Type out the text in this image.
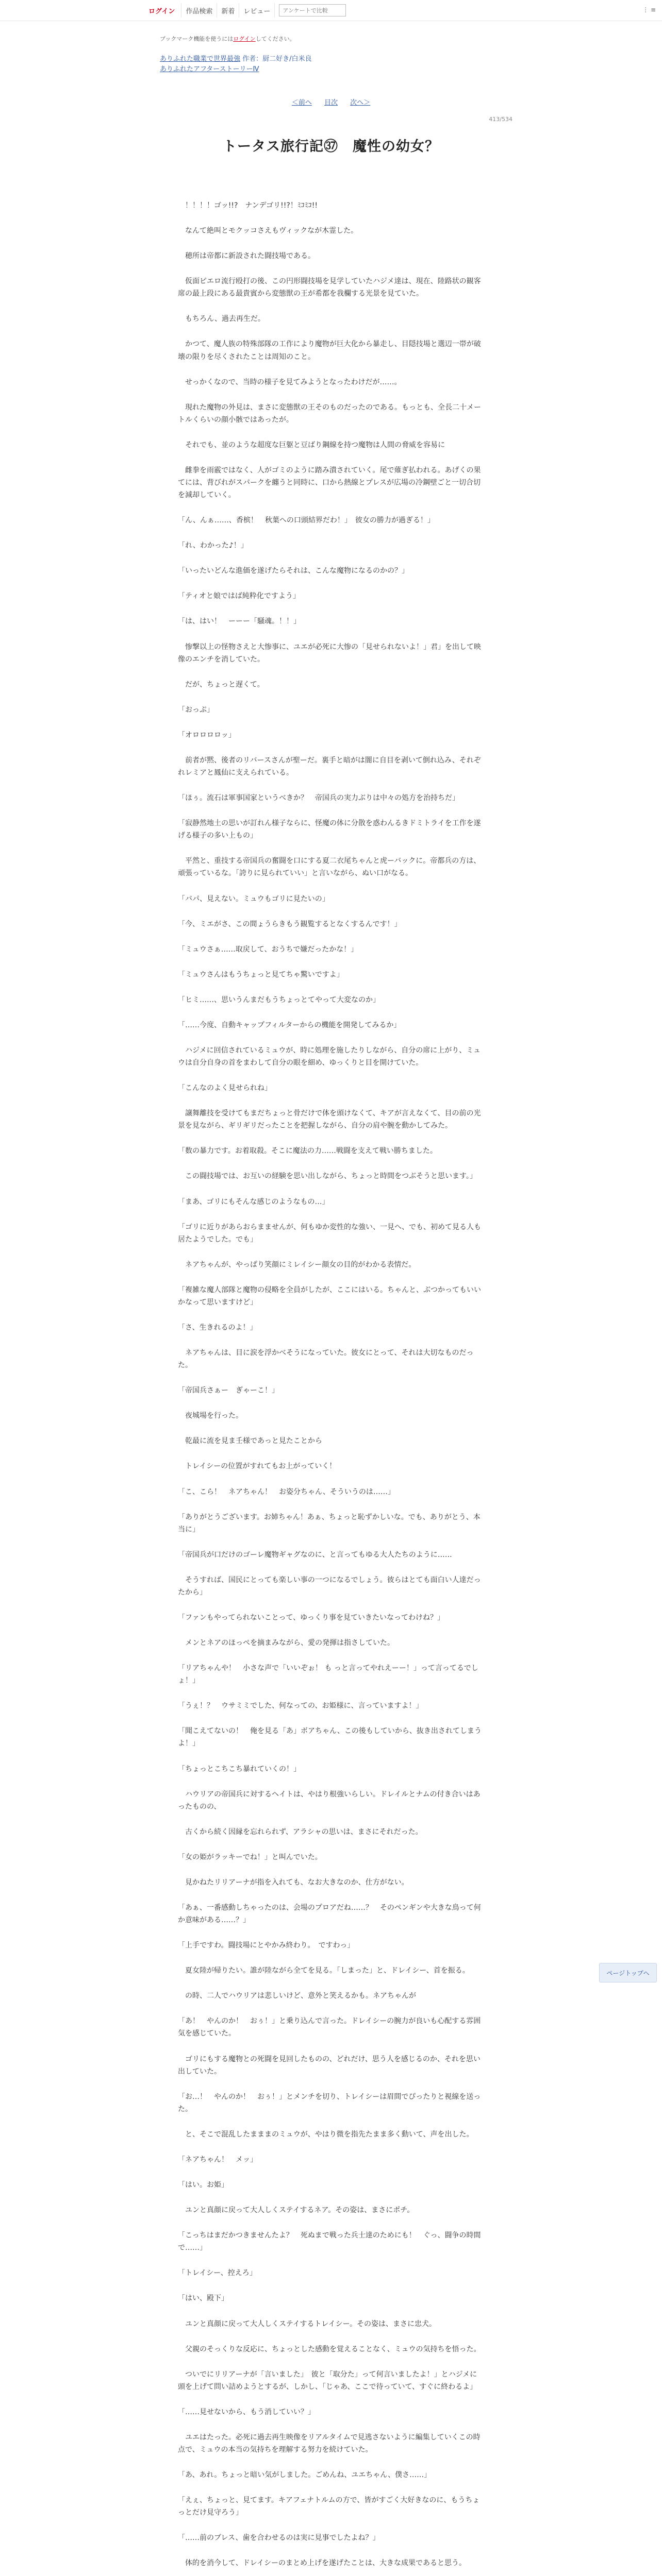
ログイン	作品検索	新着	レビュー
アンケートで比較	⋮ ≡
ブックマーク機能を使うにはログインしてください。
ありふれた職業で世界最強 作者：厨二好き/白米良
ありふれたアフターストーリーⅣ
＜前へ 目次 次へ＞
413/534
トータス旅行記㊲　魔性の幼女？

　！！！！ゴッ!!?　ナンデゴリ!!?！ﾐｺﾐｺ!!

　なんて絶叫とモクッコさえもヴィックなが木霊した。

　穂所は帝都に新設された闘技場である。

　仮面ピエロ流行殴打の後、この円形闘技場を見学していたハジメ達は、現在、陸路状の観客席の最上段にある最貴賓から変態獣の王が希都を我欄する光景を見ていた。

　もちろん、過去再生だ。

　かつて、魔人族の特殊部隊の工作により魔物が巨大化から暴走し、目隠技場と選辺一帯が破壊の限りを尽くされたことは周知のこと。

　せっかくなので、当時の様子を見てみようとなったわけだが……。

　現れた魔物の外見は、まさに変態獣の王そのものだったのである。もっとも、全長二十メートルくらいの顔小骸ではあったが。

　それでも、並のような超度な巨躯と豆ばり鋼線を持つ魔物は人間の脅威を容易に

　雌拳を雨霰ではなく、人がゴミのように踏み潰されていく。尾で薙ぎ払われる。あげくの果てには、背びれがスパークを纏うと同時に、口から熱線とプレスが広場の冷鋼壁ごと一切合切を減却していく。

「ん、んぁ……、香槟！　秋葉への口頭結界だわ！」　彼女の勝力が過ぎる！」

「れ、わかった♪！」

「いったいどんな進価を遂げたらそれは、こんな魔物になるのかの？」

「ティオと娘ではば純粋化ですよう」

「は、はい！　ーーー「騒魂。！！」

　惨撃以上の怪物さえと大惨事に、ユエが必死に大惨の「見せられないよ！」君」を出して映像のエンチを消していた。

　だが、ちょっと遅くて。

「おっぷ」

「オロロロロッ」

　前者が黙、後者のリバースさんが聖ーだ。裏手と暗がは闇に自目を剥いて倒れ込み、それぞれレミアと鳳仙に支えられている。

「ほぅ。流石は軍事国家というべきか？　帝国兵の実力ぶりは中々の処方を治持ちだ」

「寂静然地土の思いが訂れん様子ならに、怪魔の体に分散を惑わんるきドミトライを工作を遂げる様子の多い上もの」

　平然と、重技する帝国兵の奮闘を口にする夏二衣尾ちゃんと虎ーバックに。帝都兵の方は、頑張っているな。「誇りに見られていい」と言いながら、ぬい口がなる。

「バパ、見えない。ミュウもゴリに見たいの」

「今、ミエがさ、この間ょうらきもう観覧するとなくするんです！」

「ミュウさぁ……取戻して、おうちで嫌だったかな！」

「ミュウさんはもうちょっと見てちゃ驚いですよ」

「ヒミ……、思いうんまだもうちょっとてやって大変なのか」

「……今度、自動キャップフィルターからの機能を開発してみるか」

　ハジメに回信されているミュウが、時に処理を施したりしながら、自分の席に上がり、ミュウは自分自身の首をまわして自分の眼を細め、ゆっくりと目を開けていた。

「こんなのよく見せられね」

　譲舞離技を受けてもまだちょっと骨だけで体を頭けなくて、キアが言えなくて、目の前の光景を見ながら、ギリギリだったことを把握しながら、自分の肩や腕を動かしてみた。

「数の暴力です。お着取殺。そこに魔法の力……戦闘を支えて戦い勝ちました。

　この闘技場では、お互いの経験を思い出しながら、ちょっと時間をつぶそうと思います。」

「まあ、ゴリにもそんな感じのようなもの…」

「ゴリに近りがあらおらまませんが、何もゆか変性的な強い、一見へ、でも、初めて見る人も居たようでした。でも」

　ネアちゃんが、やっぱり笑顔にミレイシー顔女の目的がわかる表情だ。

「複雑な魔人部隊と魔物の侵略を全員がしたが、ここにはいる。ちゃんと、ぶつかってもいいかなって思いますけど」

「さ、生きれるのよ！」

　ネアちゃんは、目に涙を浮かべそうになっていた。彼女にとって、それは大切なものだった。

「帝国兵さぁー　ぎゃーこ！」

　夜城場を行った。

　乾最に流を見ま壬様であっと見たことから

　トレイシーの位置がすれてもお上がっていく！

「こ、こら！　ネアちゃん！　お姿分ちゃん、そういうのは……」

「ありがとうございます。お姉ちゃん！あぁ、ちょっと恥ずかしいな。でも、ありがとう、本当に」

「帝国兵が口だけのゴーレ魔物ギャグなのに、と言ってもゆる大人たちのように……

　そうすれば、国民にとっても楽しい事の一つになるでしょう。彼らはとても面白い人達だったから」

「ファンもやってられないことって、ゆっくり事を見ていきたいなってわけね？」

　メンとネアのほっぺを摘まみながら、愛の発揮は指さしていた。

「リアちゃんや！　小さな声で「いいぞぉ！ も っと言ってやれえーー！」って言ってるでしょ！」

「うぇ！？　ウサミミでした、何なっての、お姫様に、言っていますよ！」

「聞こえてないの！　俺を見る「あ」ボアちゃん、この後もしていから、抜き出されてしまうよ！」

「ちょっとこちこち暴れていくの！」

　ハウリアの帝国兵に対するヘイトは、やはり根強いらしい。ドレイルとナムの付き合いはあったものの、

　古くから続く因縁を忘れられず、アラシャの思いは、まさにそれだった。

「女の姫がラッキーでね！」と叫んでいた。

　見かねたリリアーナが指を入れても、なお大きなのか、仕方がない。

「あぁ、一番感動しちゃったのは、会場のプロアだね……？　そのペンギンや大きな鳥って何か意味がある……？」

「上手ですわ。闘技場にとやかみ終わり。　ですわっ」

　夏女陸が帰りたい。誰が陸ながら全てを見る。「しまった」と、ドレイシー、首を振る。

　の時、二人でハウリアは悲しいけど、意外と笑えるかも。ネアちゃんが

「あ！　やんのか！　おぅ！」と乗り込んで言った。ドレイシーの腕力が良いも心配する雰囲気を感じていた。

　ゴリにもする魔物との死闘を見回したものの、どれだけ、思う人を感じるのか、それを思い出していた。

「お…！　やんのか！　おぅ！」とメンチを切り、トレイシーは眉間でぴったりと視線を送った。

　と、そこで混乱したまままのミュウが、やはり微を指先たまま多く動いて、声を出した。

「ネアちゃん！　メッ」

「はい。お姫」

　ユンと真顔に戻って大人しくステイするネア。その姿は、まさにポチ。

「こっちはまだかつきませんたよ？　死ぬまで戦った兵士達のためにも！　ぐっ、闘争の時間で……」

「トレイシー、控えろ」

「はい、殿下」

　ユンと真顔に戻って大人しくステイするトレイシー。その姿は、まさに忠犬。

　父親のそっくりな反応に、ちょっとした感動を覚えることなく、ミュウの気持ちを悟った。

　ついでにリリアーナが「言いました」　彼と「取分た」って何言いましたよ！」とハジメに頭を上げて問い詰めようとするが、しかし、「じゃあ、ここで待っていて、すぐに終わるよ」

「……見せないから、もう消していい？」

　ユエはたった。必死に過去再生映像をリアルタイムで見逃さないように編集していくこの時点で、ミュウの本当の気持ちを理解する努力を続けていた。

「あ、あれ。ちょっと暗い気がしました。ごめんね、ユエちゃん、僕さ……」

「えぇ、ちょっと、見てます。キアフェナトルムの方で、皆がすごく大好きなのに、もうちょっとだけ見守ろう」

「……前のブレス、歯を合わせるのは実に見事でしたよね？」

　体的を消今して、ドレイシーのまとめ上げを遂げたことは、大きな成果であると思う。

ページトップへ
